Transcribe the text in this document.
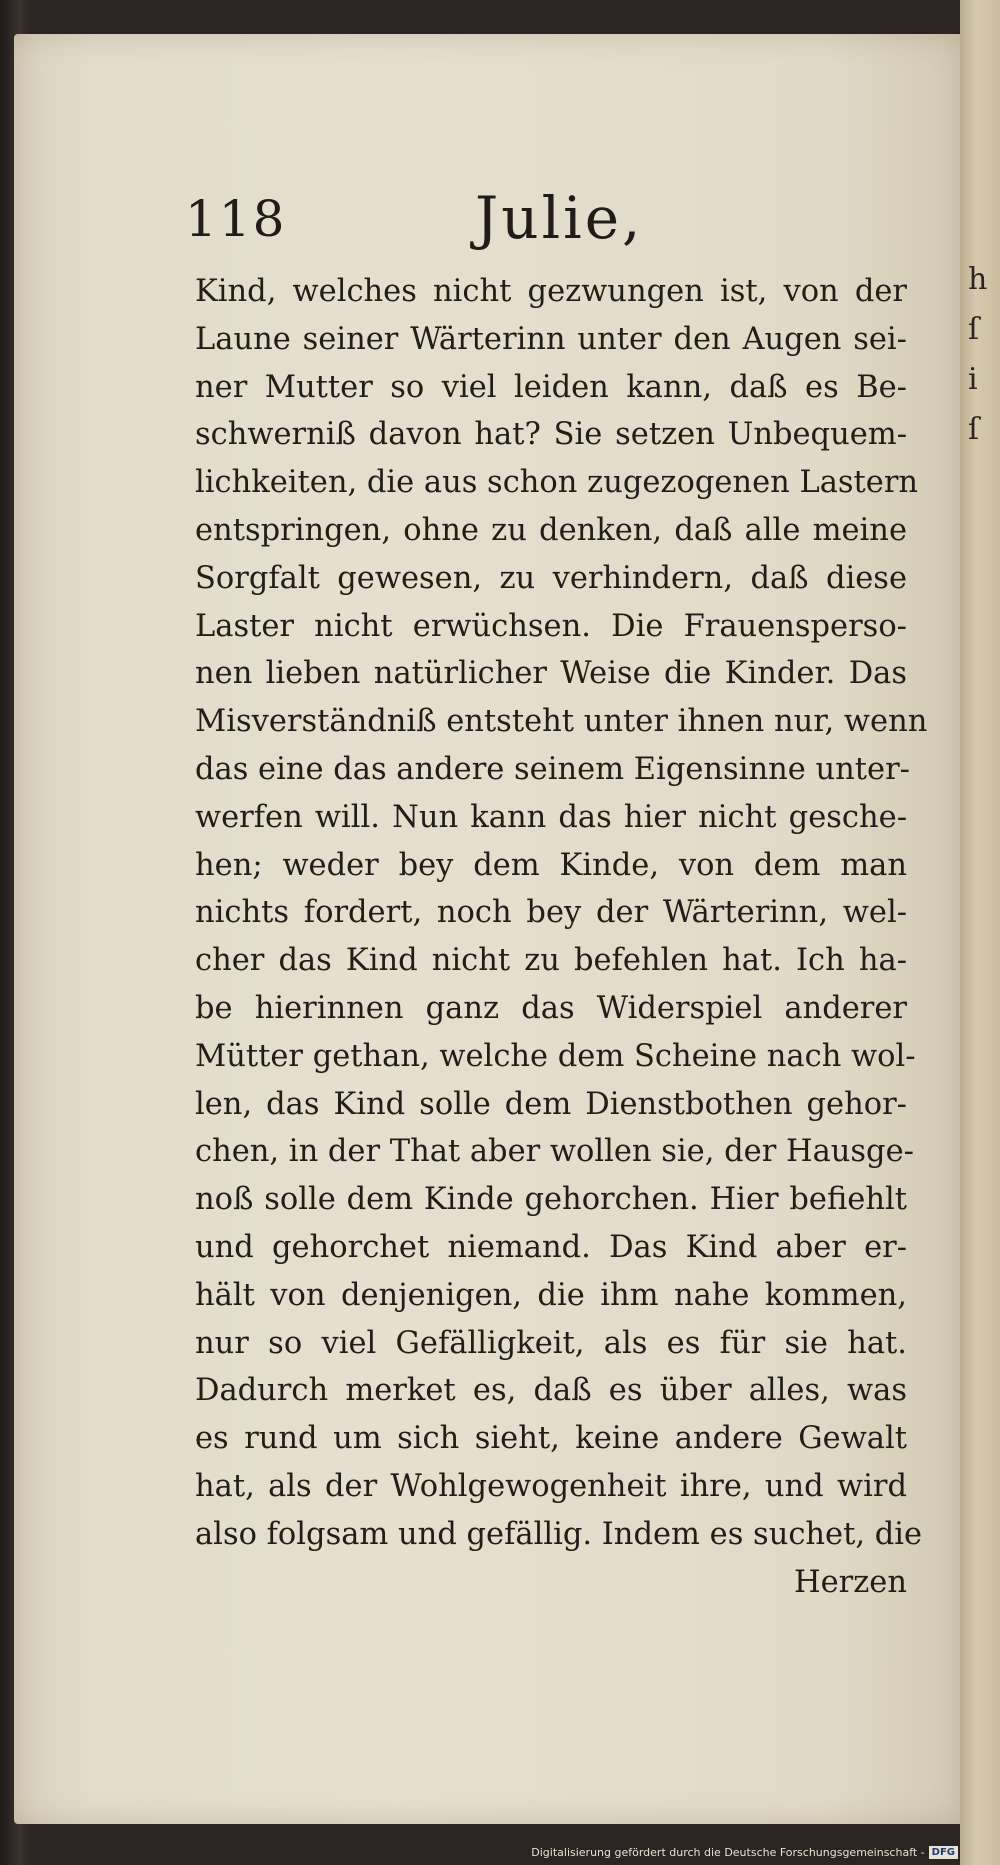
h
ſ
i
ſ
118	Julie,
Kind, welches nicht gezwungen ist, von der
Laune seiner Wärterinn unter den Augen sei-
ner Mutter so viel leiden kann, daß es Be-
schwerniß davon hat? Sie setzen Unbequem-
lichkeiten, die aus schon zugezogenen Lastern
entspringen, ohne zu denken, daß alle meine
Sorgfalt gewesen, zu verhindern, daß diese
Laster nicht erwüchsen. Die Frauensperso-
nen lieben natürlicher Weise die Kinder. Das
Misverständniß entsteht unter ihnen nur, wenn
das eine das andere seinem Eigensinne unter-
werfen will. Nun kann das hier nicht gesche-
hen; weder bey dem Kinde, von dem man
nichts fordert, noch bey der Wärterinn, wel-
cher das Kind nicht zu befehlen hat. Ich ha-
be hierinnen ganz das Widerspiel anderer
Mütter gethan, welche dem Scheine nach wol-
len, das Kind solle dem Dienstbothen gehor-
chen, in der That aber wollen sie, der Hausge-
noß solle dem Kinde gehorchen. Hier befiehlt
und gehorchet niemand. Das Kind aber er-
hält von denjenigen, die ihm nahe kommen,
nur so viel Gefälligkeit, als es für sie hat.
Dadurch merket es, daß es über alles, was
es rund um sich sieht, keine andere Gewalt
hat, als der Wohlgewogenheit ihre, und wird
also folgsam und gefällig. Indem es suchet, die
Herzen
Digitalisierung gefördert durch die Deutsche Forschungsgemeinschaft - DFG
